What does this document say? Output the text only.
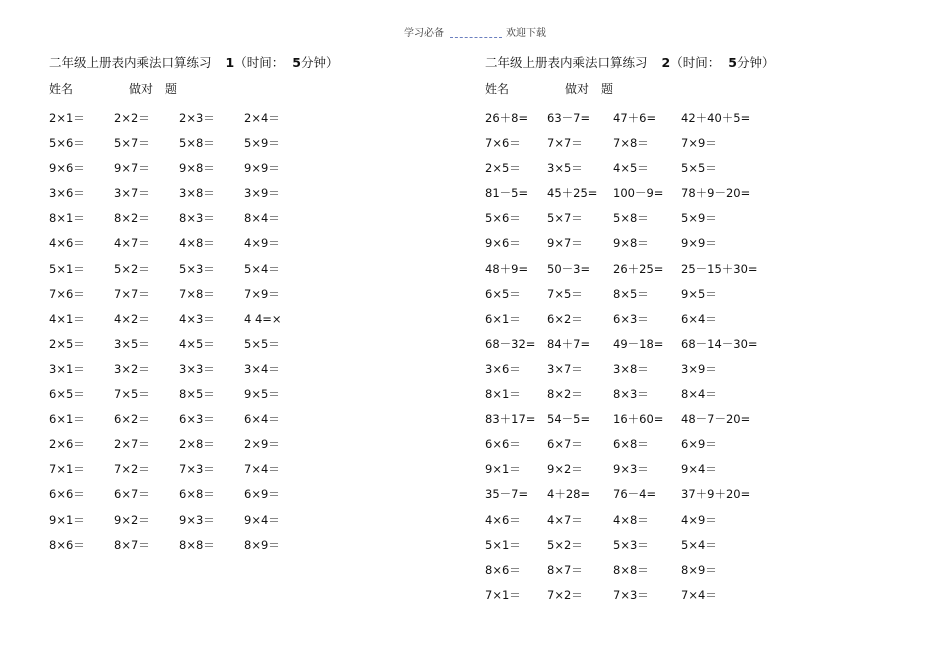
学习必备	欢迎下载
二年级上册表内乘法口算练习 1（时间： 5分钟）
姓名	做对 题
2×1＝	2×2＝	2×3＝	2×4＝
5×6＝	5×7＝	5×8＝	5×9＝
9×6＝	9×7＝	9×8＝	9×9＝
3×6＝	3×7＝	3×8＝	3×9＝
8×1＝	8×2＝	8×3＝	8×4＝
4×6＝	4×7＝	4×8＝	4×9＝
5×1＝	5×2＝	5×3＝	5×4＝
7×6＝	7×7＝	7×8＝	7×9＝
4×1＝	4×2＝	4×3＝	4 4=×
2×5＝	3×5＝	4×5＝	5×5＝
3×1＝	3×2＝	3×3＝	3×4＝
6×5＝	7×5＝	8×5＝	9×5＝
6×1＝	6×2＝	6×3＝	6×4＝
2×6＝	2×7＝	2×8＝	2×9＝
7×1＝	7×2＝	7×3＝	7×4＝
6×6＝	6×7＝	6×8＝	6×9＝
9×1＝	9×2＝	9×3＝	9×4＝
8×6＝	8×7＝	8×8＝	8×9＝
二年级上册表内乘法口算练习 2（时间： 5分钟）
姓名	做对 题
26＋8= 63－7= 47＋6= 42＋40＋5=
7×6＝ 7×7＝	7×8＝	7×9＝
2×5＝ 3×5＝	4×5＝	5×5＝
81－5= 45＋25= 100－9= 78＋9－20=
5×6＝ 5×7＝	5×8＝	5×9＝
9×6＝ 9×7＝	9×8＝	9×9＝
48＋9= 50－3= 26＋25= 25－15＋30=
6×5＝ 7×5＝	8×5＝	9×5＝
6×1＝ 6×2＝	6×3＝	6×4＝
68－32= 84＋7= 49－18= 68－14－30=
3×6＝ 3×7＝	3×8＝	3×9＝
8×1＝ 8×2＝	8×3＝	8×4＝
83＋17= 54－5= 16＋60= 48－7－20=
6×6＝ 6×7＝	6×8＝	6×9＝
9×1＝ 9×2＝	9×3＝	9×4＝
35－7= 4＋28= 76－4= 37＋9＋20=
4×6＝ 4×7＝	4×8＝	4×9＝
5×1＝ 5×2＝	5×3＝	5×4＝
8×6＝ 8×7＝	8×8＝	8×9＝
7×1＝ 7×2＝	7×3＝	7×4＝
